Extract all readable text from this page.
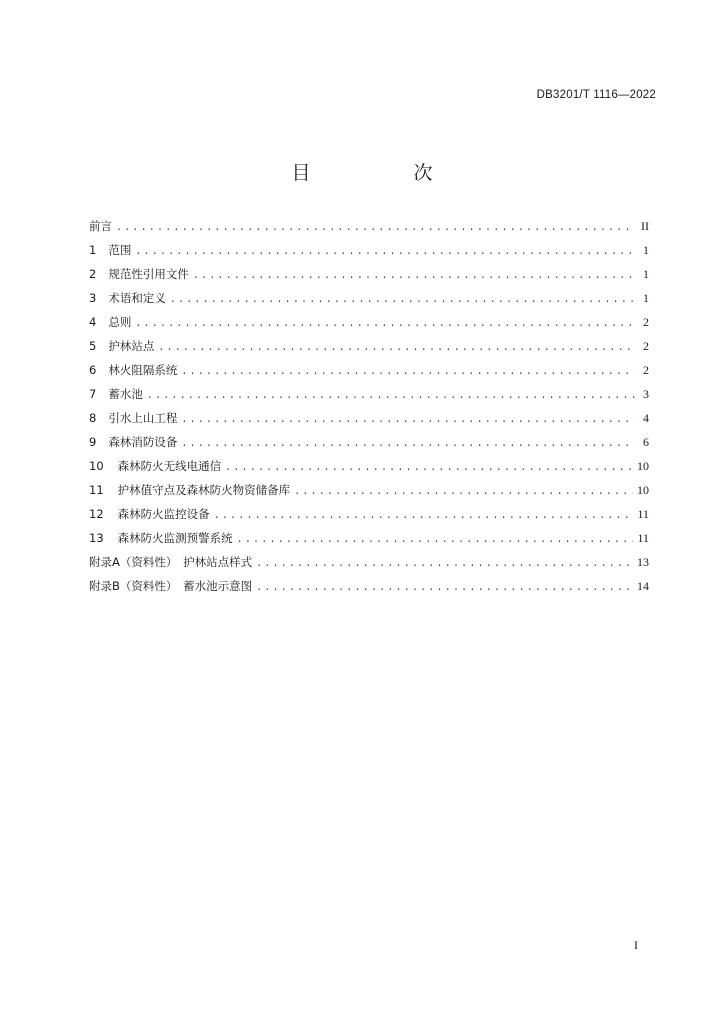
DB3201/T 1116—2022
目　次
前言 .....	II
1 范围 .....	1
2 规范性引用文件 .....	1
3 术语和定义 .....	1
4 总则 .....	2
5 护林站点 .....	2
6 林火阻隔系统 .....	2
7 蓄水池 .....	3
8 引水上山工程 .....	4
9 森林消防设备 .....	6
10 森林防火无线电通信 .....	10
11 护林值守点及森林防火物资储备库 .....	10
12 森林防火监控设备 .....	11
13 森林防火监测预警系统 .....	11
附录A（资料性）　护林站点样式 .....	13
附录B（资料性）　蓄水池示意图 .....	14
I
